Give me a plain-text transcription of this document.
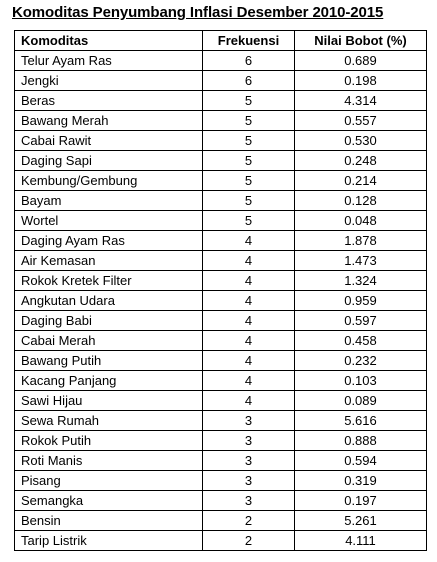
Komoditas Penyumbang Inflasi Desember 2010-2015
Komoditas	Frekuensi	Nilai Bobot (%)
Telur Ayam Ras	6	0.689
Jengki	6	0.198
Beras	5	4.314
Bawang Merah	5	0.557
Cabai Rawit	5	0.530
Daging Sapi	5	0.248
Kembung/Gembung	5	0.214
Bayam	5	0.128
Wortel	5	0.048
Daging Ayam Ras	4	1.878
Air Kemasan	4	1.473
Rokok Kretek Filter	4	1.324
Angkutan Udara	4	0.959
Daging Babi	4	0.597
Cabai Merah	4	0.458
Bawang Putih	4	0.232
Kacang Panjang	4	0.103
Sawi Hijau	4	0.089
Sewa Rumah	3	5.616
Rokok Putih	3	0.888
Roti Manis	3	0.594
Pisang	3	0.319
Semangka	3	0.197
Bensin	2	5.261
Tarip Listrik	2	4.111
